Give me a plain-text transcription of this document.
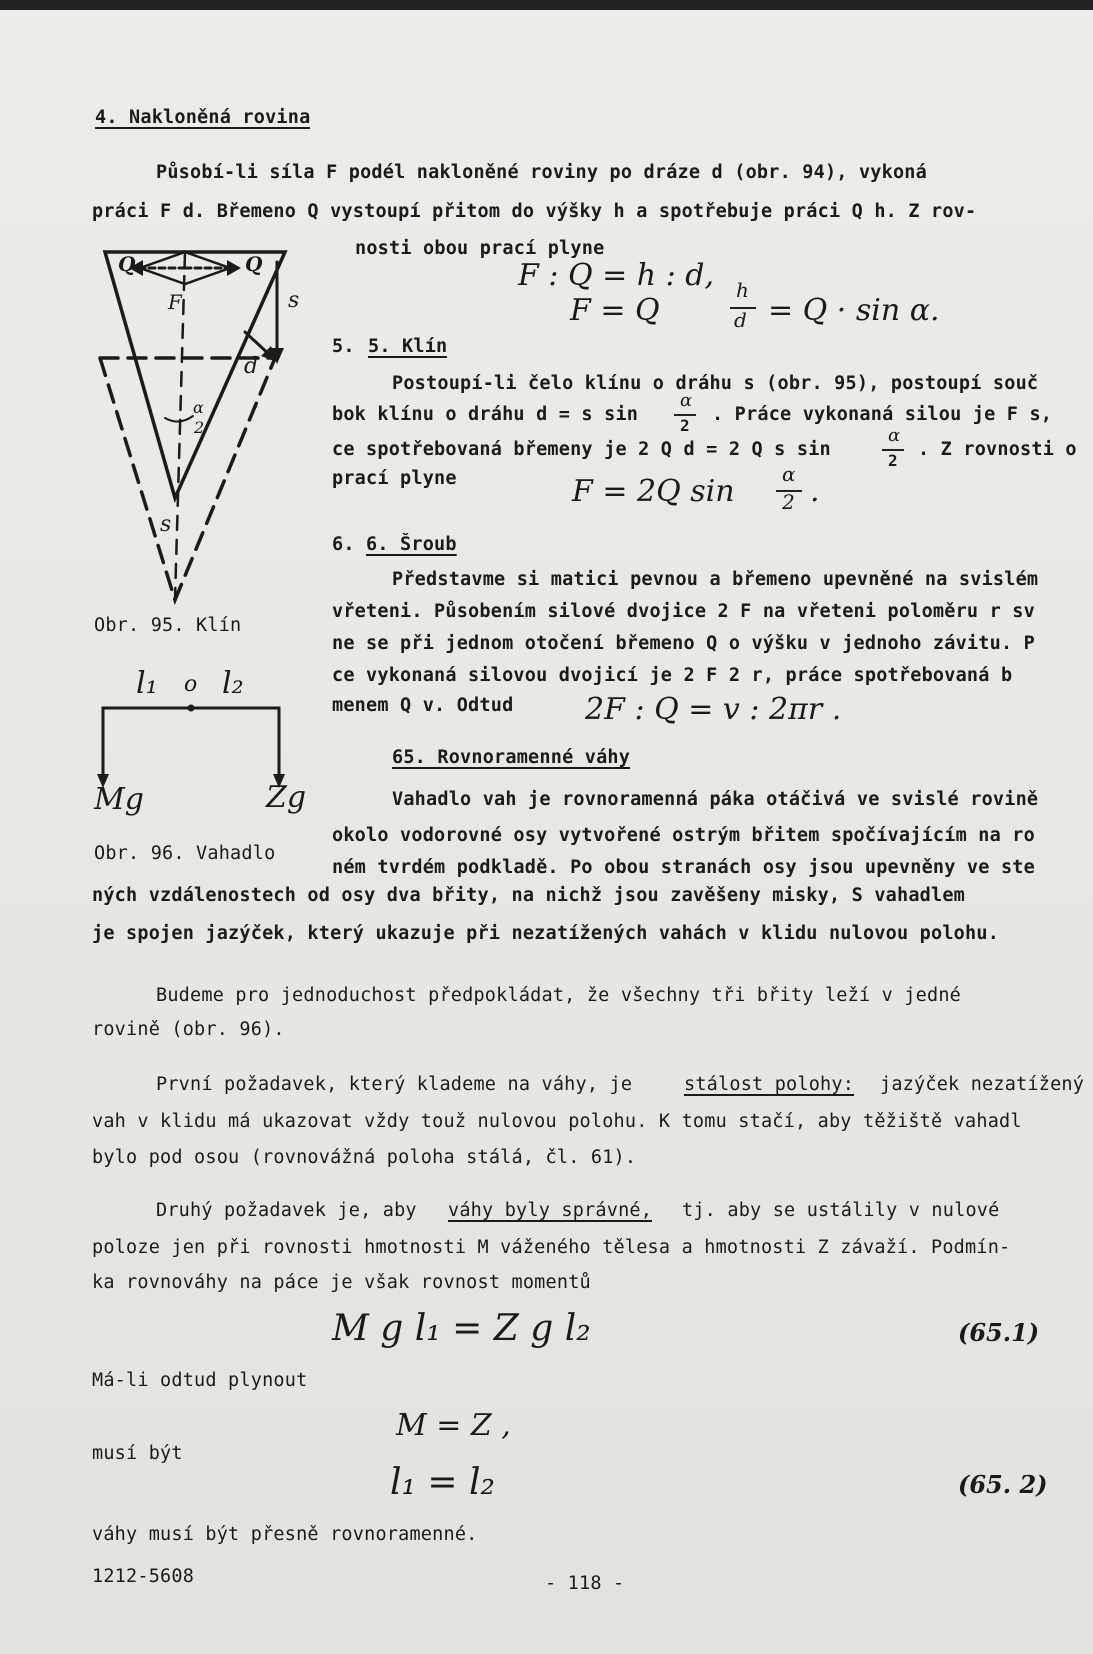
4. Nakloněná rovina
Působí-li síla F podél nakloněné roviny po dráze d (obr. 94), vykoná
práci F d. Břemeno Q vystoupí přitom do výšky h a spotřebuje práci Q h. Z rov-
nosti obou prací plyne
F : Q = h : d,
F = Q
h
d = Q · sin α.
5. 5. Klín
Postoupí-li čelo klínu o dráhu s (obr. 95), postoupí souč
bok klínu o dráhu d = s sin
α
2
. Práce vykonaná silou je F s,
ce spotřebovaná břemeny je 2 Q d = 2 Q s sin
α
2
. Z rovnosti o
prací plyne	F = 2Q sin α
2 .
6. 6. Šroub
Představme si matici pevnou a břemeno upevněné na svislém
vřeteni. Působením silové dvojice 2 F na vřeteni poloměru r sv
ne se při jednom otočení břemeno Q o výšku v jednoho závitu. P
ce vykonaná silovou dvojicí je 2 F 2 r, práce spotřebovaná b
menem Q v. Odtud 2F : Q = v : 2πr .
65. Rovnoramenné váhy
Vahadlo vah je rovnoramenná páka otáčivá ve svislé rovině
okolo vodorovné osy vytvořené ostrým břitem spočívajícím na ro
ném tvrdém podkladě. Po obou stranách osy jsou upevněny ve ste
ných vzdálenostech od osy dva břity, na nichž jsou zavěšeny misky, S vahadlem
je spojen jazýček, který ukazuje při nezatížených vahách v klidu nulovou polohu.
Budeme pro jednoduchost předpokládat, že všechny tři břity leží v jedné
rovině (obr. 96).
První požadavek, který klademe na váhy, je	stálost polohy: jazýček nezatížený
vah v klidu má ukazovat vždy touž nulovou polohu. K tomu stačí, aby těžiště vahadl
bylo pod osou (rovnovážná poloha stálá, čl. 61).
Druhý požadavek je, aby váhy byly správné, tj. aby se ustálily v nulové
poloze jen při rovnosti hmotnosti M váženého tělesa a hmotnosti Z závaží. Podmín-
ka rovnováhy na páce je však rovnost momentů
M g l₁ = Z g l₂	(65.1)
Má-li odtud plynout
M = Z ,
musí být
l₁ = l₂	(65. 2)
váhy musí být přesně rovnoramenné.
1212-5608	- 118 -
Q	Q
F	s
d
α
2
s
Obr. 95. Klín
l₁ o l₂
Mg	Zg
Obr. 96. Vahadlo
